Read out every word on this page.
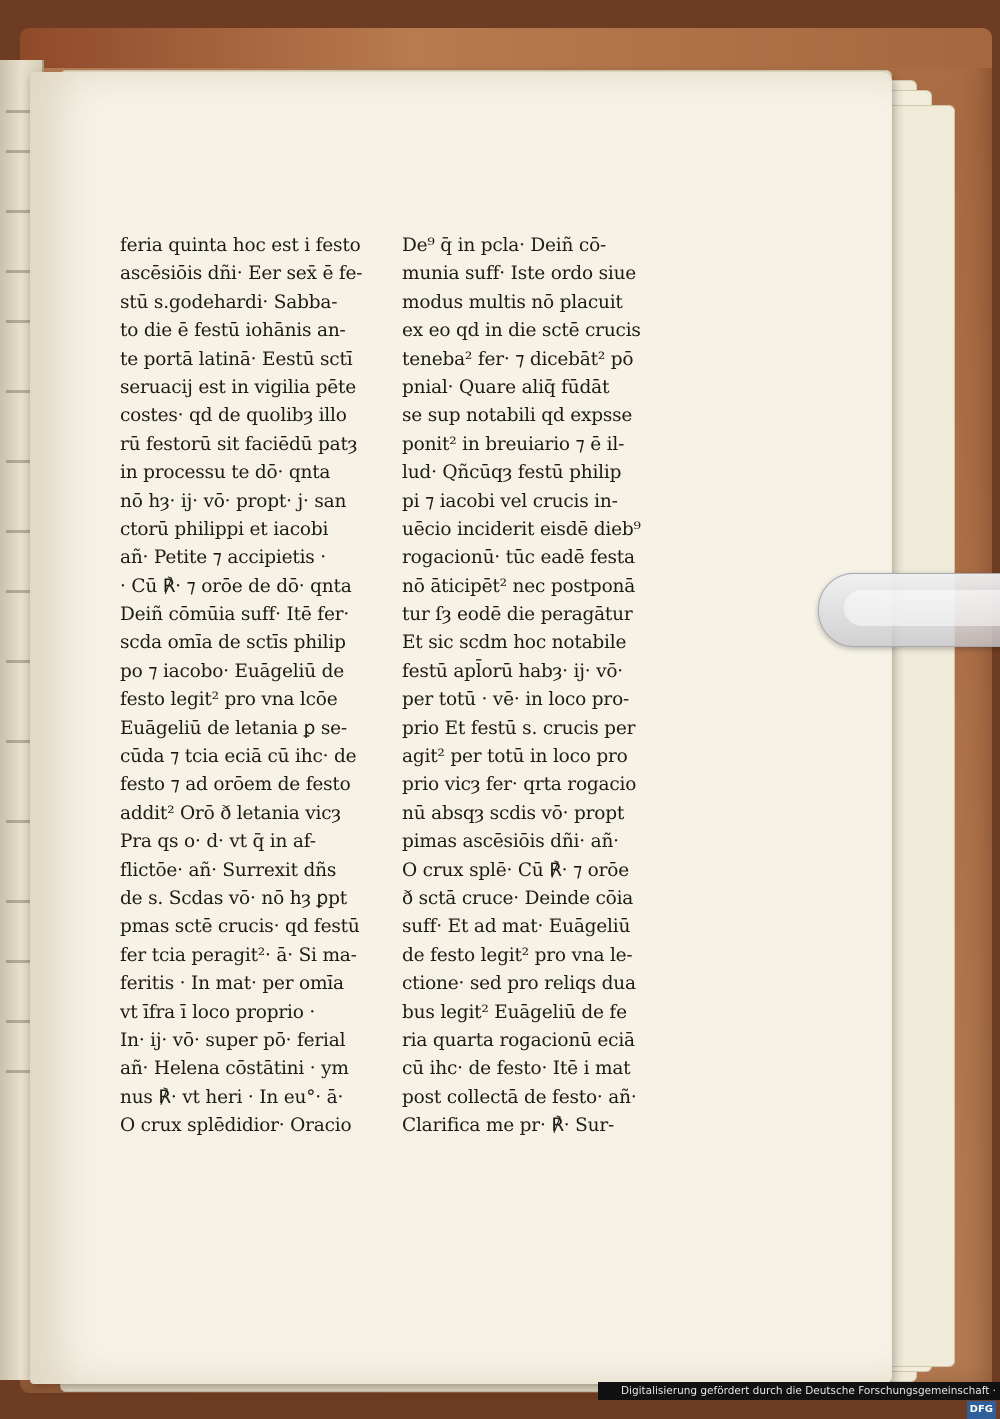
feria quinta hoc est i festo
ascēsiōis dñi· Eer sex̄ ē fe-
stū s.godehardi· Sabba-
to die ē festū iohānis an-
te portā latinā· Eestū sctī
seruacij est in vigilia pēte
costes· qd de quolibȝ illo
rū festorū sit faciēdū patȝ
in processu te dō· qnta
nō hȝ· ij· vō· propt· j· san
ctorū philippi et iacobi
añ· Petite ⁊ accipietis ·
· Cū ℟· ⁊ orōe de dō· qnta
Deiñ cōmūia suff· Itē fer·
scda omīa de sctīs philip
po ⁊ iacobo· Euāgeliū de
festo legit² pro vna lcōe
Euāgeliū de letania ꝑ se-
cūda ⁊ tcia eciā cū ihc· de
festo ⁊ ad orōem de festo
addit² Orō ð letania vicȝ
Pra qs o· d· vt q̄ in af-
flictōe· añ· Surrexit dñs
de s. Scdas vō· nō hȝ ꝑpt
pmas sctē crucis· qd festū
fer tcia peragit²· ā· Si ma-
feritis · In mat· per omīa
vt īfra ī loco proprio ·
In· ij· vō· super pō· ferial
añ· Helena cōstātini · ym
nus ℟· vt heri · In eu°· ā·
O crux splēdidior· Oracio
De⁹ q̄ in pcla· Deiñ cō-
munia suff· Iste ordo siue
modus multis nō placuit
ex eo qd in die sctē crucis
teneba² fer· ⁊ dicebāt² pō
pnial· Quare aliq̄ fūdāt
se sup notabili qd expsse
ponit² in breuiario ⁊ ē il-
lud· Qñcūqȝ festū philip
pi ⁊ iacobi vel crucis in-
uēcio inciderit eisdē dieb⁹
rogacionū· tūc eadē festa
nō āticipēt² nec postponā
tur ſȝ eodē die peragātur
Et sic scdm hoc notabile
festū apl̄orū habȝ· ij· vō·
per totū · vē· in loco pro-
prio Et festū s. crucis per
agit² per totū in loco pro
prio vicȝ fer· qrta rogacio
nū absqȝ scdis vō· propt
pimas ascēsiōis dñi· añ·
O crux splē· Cū ℟· ⁊ orōe
ð sctā cruce· Deinde cōia
suff· Et ad mat· Euāgeliū
de festo legit² pro vna le-
ctione· sed pro reliqs dua
bus legit² Euāgeliū de fe
ria quarta rogacionū eciā
cū ihc· de festo· Itē i mat
post collectā de festo· añ·
Clarifica me pr· ℟· Sur-
Digitalisierung gefördert durch die Deutsche Forschungsgemeinschaft ·DFG
